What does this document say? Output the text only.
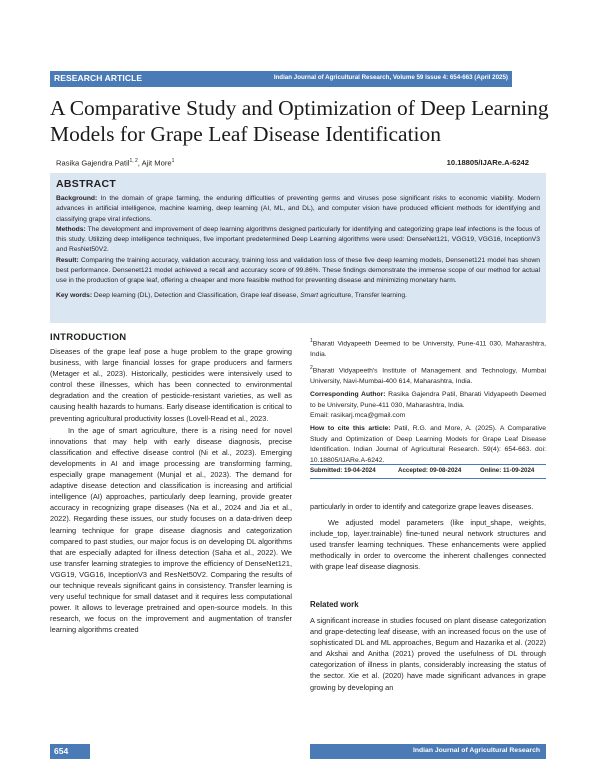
RESEARCH ARTICLE	Indian Journal of Agricultural Research, Volume 59 Issue 4: 654-663 (April 2025)
A Comparative Study and Optimization of Deep Learning
Models for Grape Leaf Disease Identification
Rasika Gajendra Patil$^{1, 2}$, Ajit More$^1$	10.18805/IJARe.A-6242
ABSTRACT

Background: In the domain of grape farming, the enduring difficulties of preventing germs and viruses pose significant risks to economic viability. Modern advances in artificial intelligence, machine learning, deep learning (AI, ML, and DL), and computer vision have produced efficient methods for identifying and classifying grape viral infections.

Methods: The development and improvement of deep learning algorithms designed particularly for identifying and categorizing grape leaf infections is the focus of this study. Utilizing deep intelligence techniques, five important predetermined Deep Learning algorithms were used: DenseNet121, VGG19, VGG16, InceptionV3 and ResNet50V2.

Result: Comparing the training accuracy, validation accuracy, training loss and validation loss of these five deep learning models, Densenet121 model has shown best performance. Densenet121 model achieved a recall and accuracy score of 99.86%. These findings demonstrate the immense scope of our method for actual use in the production of grape leaf, offering a cheaper and more feasible method for preventing disease and minimizing monetary harm.

Key words: Deep learning (DL), Detection and Classification, Grape leaf disease, Smart agriculture, Transfer learning.

INTRODUCTION

Diseases of the grape leaf pose a huge problem to the grape growing business, with large financial losses for grape producers and farmers (Metager et al., 2023). Historically, pesticides were intensively used to control these illnesses, which has been connected to environmental degradation and the creation of pesticide-resistant varieties, as well as causing health hazards to humans. Early disease identification is critical to preventing agricultural productivity losses (Lovell-Read et al., 2023.

In the age of smart agriculture, there is a rising need for novel innovations that may help with early disease diagnosis, precise classification and effective disease control (Ni et al., 2023). Emerging developments in AI and image processing are transforming farming, especially grape management (Munjal et al., 2023). The demand for adaptive disease detection and classification is increasing and artificial intelligence (AI) approaches, particularly deep learning, provide greater accuracy in recognizing grape diseases (Na et al., 2024 and Jia et al., 2022). Regarding these issues, our study focuses on a data-driven deep learning technique for grape disease diagnosis and categorization compared to past studies, our major focus is on developing DL algorithms that are especially adapted for illness detection (Saha et al., 2022). We use transfer learning strategies to improve the efficiency of DenseNet121, VGG19, VGG16, InceptionV3 and ResNet50V2. Comparing the results of our technique reveals significant gains in consistency. Transfer learning is very useful technique for small dataset and it requires less computational power. It allows to leverage pretrained and open-source models. In this research, we focus on the improvement and augmentation of transfer learning algorithms created

$^1$Bharati Vidyapeeth Deemed to be University, Pune-411 030, Maharashtra, India.

$^2$Bharati Vidyapeeth's Institute of Management and Technology, Mumbai University, Navi-Mumbai-400 614, Maharashtra, India.

Corresponding Author: Rasika Gajendra Patil, Bharati Vidyapeeth Deemed to be University, Pune-411 030, Maharashtra, India.

Email: rasikarj.mca@gmail.com

How to cite this article: Patil, R.G. and More, A. (2025). A Comparative Study and Optimization of Deep Learning Models for Grape Leaf Disease Identification. Indian Journal of Agricultural Research. 59(4): 654-663. doi: 10.18805/IJARe.A-6242.

Submitted: 19-04-2024	Accepted: 09-08-2024	Online: 11-09-2024

particularly in order to identify and categorize grape leaves diseases.

We adjusted model parameters (like input_shape, weights, include_top, layer.trainable) fine-tuned neural network structures and used transfer learning techniques. These enhancements were applied methodically in order to overcome the inherent challenges connected with grape leaf disease diagnosis.

Related work

A significant increase in studies focused on plant disease categorization and grape-detecting leaf disease, with an increased focus on the use of sophisticated DL and ML approaches, Begum and Hazarika et al. (2022) and Akshai and Anitha (2021) proved the usefulness of DL through categorization of illness in plants, considerably increasing the status of the sector. Xie et al. (2020) have made significant advances in grape growing by developing an

654	Indian Journal of Agricultural Research
